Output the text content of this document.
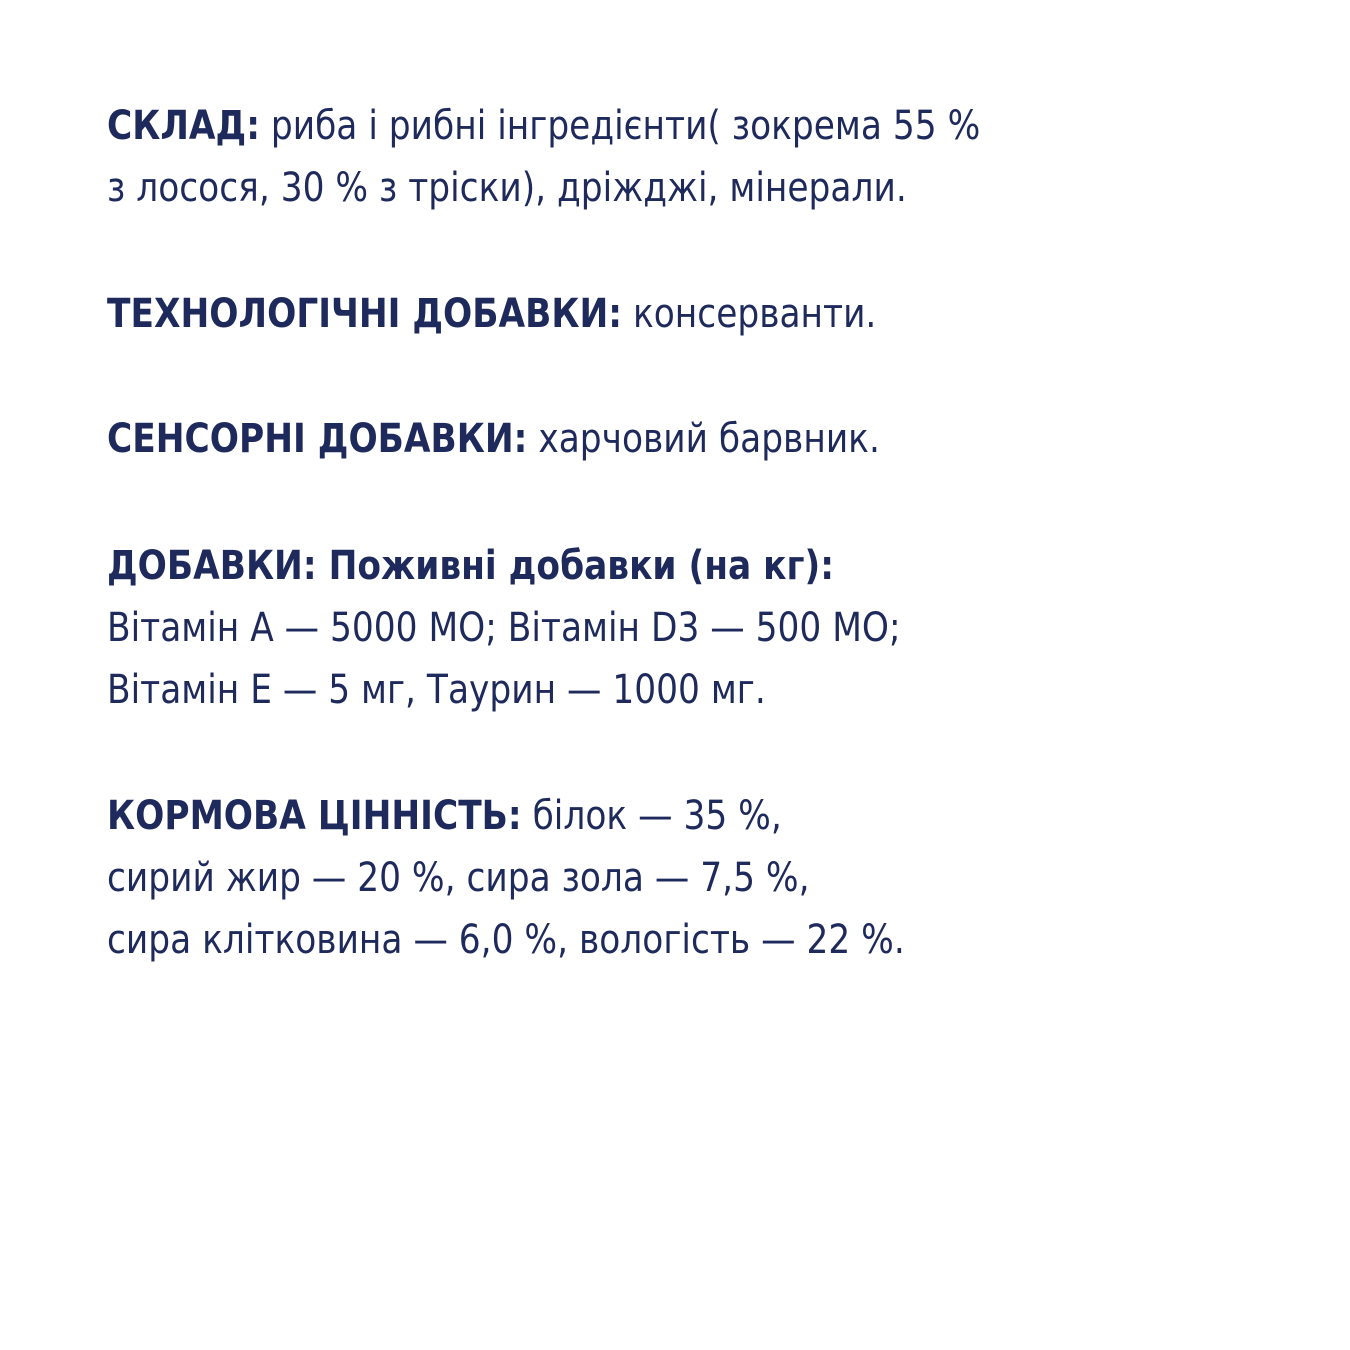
СКЛАД: риба і рибні інгредієнти( зокрема 55 %
з лосося, 30 % з тріски), дріжджі, мінерали.
ТЕХНОЛОГІЧНІ ДОБАВКИ: консерванти.
СЕНСОРНІ ДОБАВКИ: харчовий барвник.
ДОБАВКИ: Поживні добавки (на кг):
Вітамін А — 5000 МО; Вітамін D3 — 500 МО;
Вітамін Е — 5 мг, Таурин — 1000 мг.
КОРМОВА ЦІННІСТЬ: білок — 35 %,
сирий жир — 20 %, сира зола — 7,5 %,
сира клітковина — 6,0 %, вологість — 22 %.
